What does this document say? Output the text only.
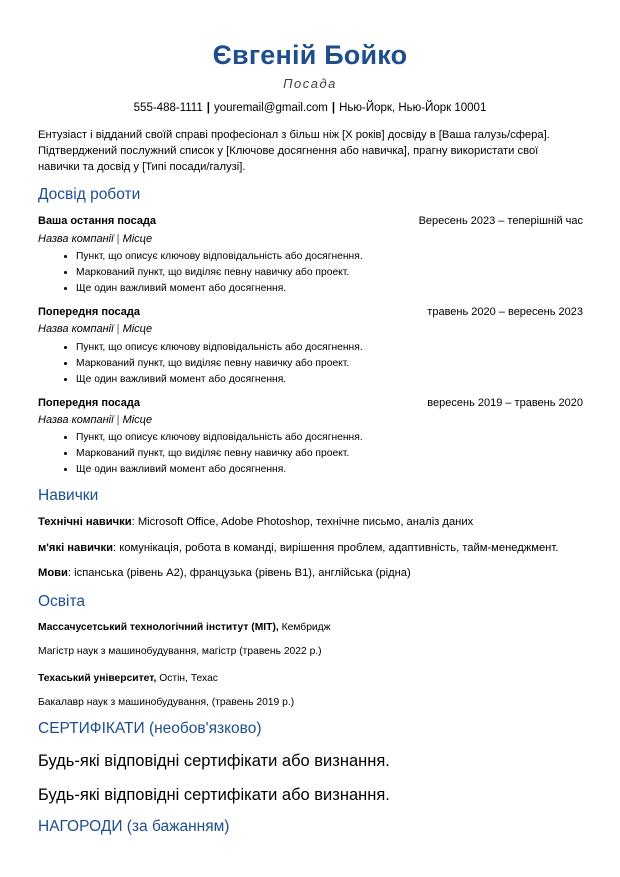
Євгеній Бойко
Посада
555-488-1111 | youremail@gmail.com | Нью-Йорк, Нью-Йорк 10001
Ентузіаст і відданий своїй справі професіонал з більш ніж [X років] досвіду в [Ваша галузь/сфера]. Підтверджений послужний список у [Ключове досягнення або навичка], прагну використати свої навички та досвід у [Типі посади/галузі].
Досвід роботи
Ваша остання посада	Вересень 2023 – теперішній час
Назва компанії | Місце
• Пункт, що описує ключову відповідальність або досягнення.
• Маркований пункт, що виділяє певну навичку або проект.
• Ще один важливий момент або досягнення.
Попередня посада	травень 2020 – вересень 2023
Назва компанії | Місце
• Пункт, що описує ключову відповідальність або досягнення.
• Маркований пункт, що виділяє певну навичку або проект.
• Ще один важливий момент або досягнення.
Попередня посада	вересень 2019 – травень 2020
Назва компанії | Місце
• Пункт, що описує ключову відповідальність або досягнення.
• Маркований пункт, що виділяє певну навичку або проект.
• Ще один важливий момент або досягнення.
Навички
Технічні навички: Microsoft Office, Adobe Photoshop, технічне письмо, аналіз даних
м'які навички: комунікація, робота в команді, вирішення проблем, адаптивність, тайм-менеджмент.
Мови: іспанська (рівень A2), французька (рівень B1), англійська (рідна)
Освіта
Массачусетський технологічний інститут (MIT), Кембридж
Магістр наук з машинобудування, магістр (травень 2022 р.)
Техаський університет, Остін, Техас
Бакалавр наук з машинобудування, (травень 2019 р.)
СЕРТИФІКАТИ (необов'язково)
Будь-які відповідні сертифікати або визнання.
Будь-які відповідні сертифікати або визнання.
НАГОРОДИ (за бажанням)
